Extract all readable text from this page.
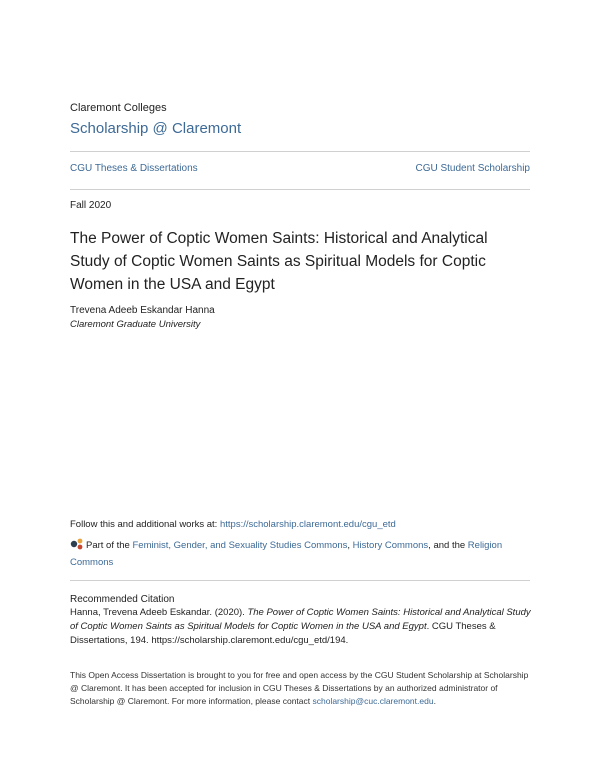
Claremont Colleges
Scholarship @ Claremont
CGU Theses & Dissertations	CGU Student Scholarship
Fall 2020
The Power of Coptic Women Saints: Historical and Analytical Study of Coptic Women Saints as Spiritual Models for Coptic Women in the USA and Egypt
Trevena Adeeb Eskandar Hanna
Claremont Graduate University
Follow this and additional works at: https://scholarship.claremont.edu/cgu_etd
Part of the Feminist, Gender, and Sexuality Studies Commons, History Commons, and the Religion Commons
Recommended Citation
Hanna, Trevena Adeeb Eskandar. (2020). The Power of Coptic Women Saints: Historical and Analytical Study of Coptic Women Saints as Spiritual Models for Coptic Women in the USA and Egypt. CGU Theses & Dissertations, 194. https://scholarship.claremont.edu/cgu_etd/194.
This Open Access Dissertation is brought to you for free and open access by the CGU Student Scholarship at Scholarship @ Claremont. It has been accepted for inclusion in CGU Theses & Dissertations by an authorized administrator of Scholarship @ Claremont. For more information, please contact scholarship@cuc.claremont.edu.
